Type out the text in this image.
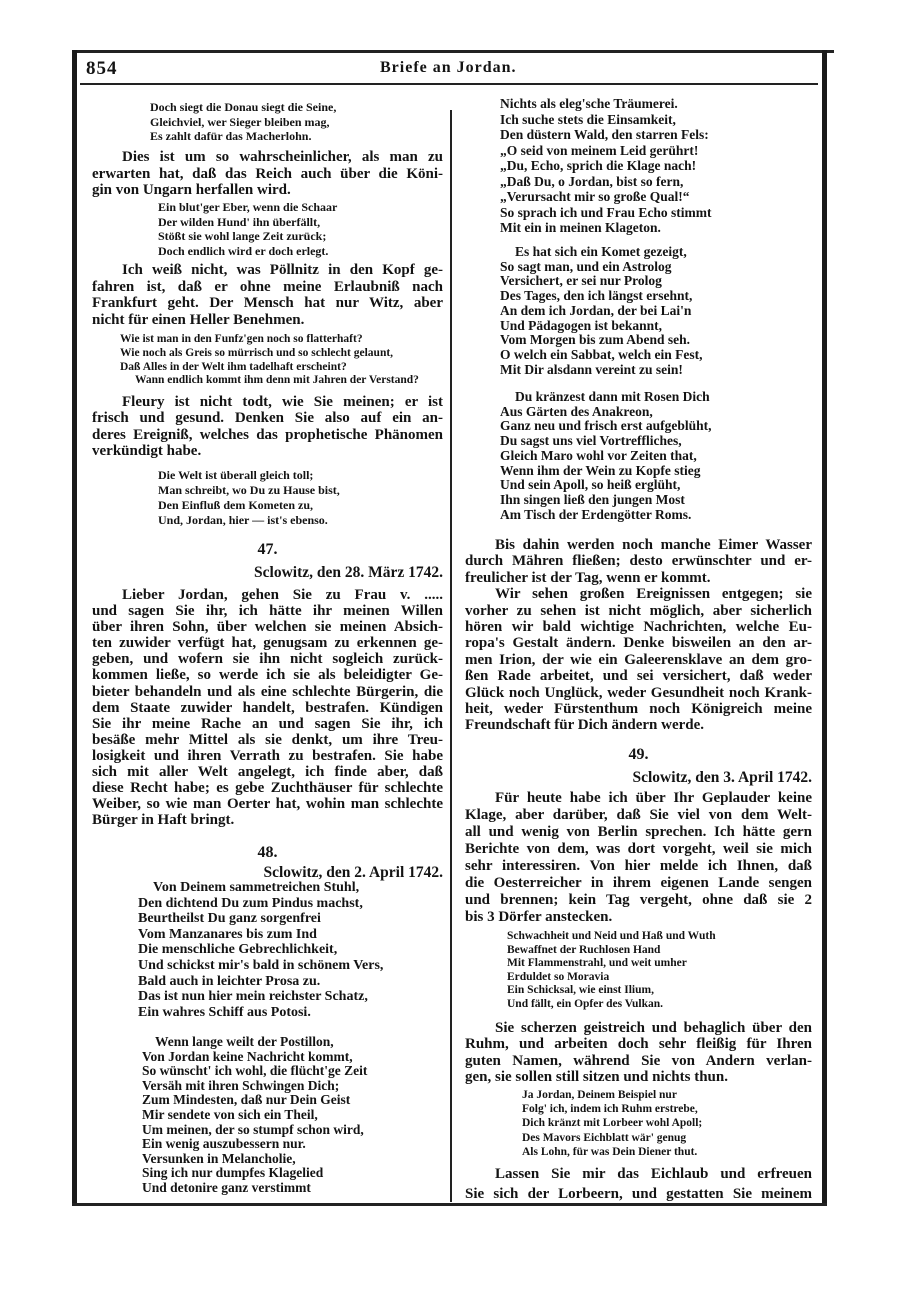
854	Briefe an Jordan.
Doch siegt die Donau siegt die Seine,
Gleichviel, wer Sieger bleiben mag,
Es zahlt dafür das Macherlohn.
Dies ist um so wahrscheinlicher, als man zu
erwarten hat, daß das Reich auch über die Köni-
gin von Ungarn herfallen wird.
Ein blut'ger Eber, wenn die Schaar
Der wilden Hund' ihn überfällt,
Stößt sie wohl lange Zeit zurück;
Doch endlich wird er doch erlegt.
Ich weiß nicht, was Pöllnitz in den Kopf ge-
fahren ist, daß er ohne meine Erlaubniß nach
Frankfurt geht. Der Mensch hat nur Witz, aber
nicht für einen Heller Benehmen.
Wie ist man in den Funfz'gen noch so flatterhaft?
Wie noch als Greis so mürrisch und so schlecht gelaunt,
Daß Alles in der Welt ihm tadelhaft erscheint?
Wann endlich kommt ihm denn mit Jahren der Verstand?
Fleury ist nicht todt, wie Sie meinen; er ist
frisch und gesund. Denken Sie also auf ein an-
deres Ereigniß, welches das prophetische Phänomen
verkündigt habe.
Die Welt ist überall gleich toll;
Man schreibt, wo Du zu Hause bist,
Den Einfluß dem Kometen zu,
Und, Jordan, hier — ist's ebenso.
47.
Sclowitz, den 28. März 1742.
Lieber Jordan, gehen Sie zu Frau v. .....
und sagen Sie ihr, ich hätte ihr meinen Willen
über ihren Sohn, über welchen sie meinen Absich-
ten zuwider verfügt hat, genugsam zu erkennen ge-
geben, und wofern sie ihn nicht sogleich zurück-
kommen ließe, so werde ich sie als beleidigter Ge-
bieter behandeln und als eine schlechte Bürgerin, die
dem Staate zuwider handelt, bestrafen. Kündigen
Sie ihr meine Rache an und sagen Sie ihr, ich
besäße mehr Mittel als sie denkt, um ihre Treu-
losigkeit und ihren Verrath zu bestrafen. Sie habe
sich mit aller Welt angelegt, ich finde aber, daß
diese Recht habe; es gebe Zuchthäuser für schlechte
Weiber, so wie man Oerter hat, wohin man schlechte
Bürger in Haft bringt.
48.
Sclowitz, den 2. April 1742.
Von Deinem sammetreichen Stuhl,
Den dichtend Du zum Pindus machst,
Beurtheilst Du ganz sorgenfrei
Vom Manzanares bis zum Ind
Die menschliche Gebrechlichkeit,
Und schickst mir's bald in schönem Vers,
Bald auch in leichter Prosa zu.
Das ist nun hier mein reichster Schatz,
Ein wahres Schiff aus Potosi.
Wenn lange weilt der Postillon,
Von Jordan keine Nachricht kommt,
So wünscht' ich wohl, die flücht'ge Zeit
Versäh mit ihren Schwingen Dich;
Zum Mindesten, daß nur Dein Geist
Mir sendete von sich ein Theil,
Um meinen, der so stumpf schon wird,
Ein wenig auszubessern nur.
Versunken in Melancholie,
Sing ich nur dumpfes Klagelied
Und detonire ganz verstimmt
Nichts als eleg'sche Träumerei.
Ich suche stets die Einsamkeit,
Den düstern Wald, den starren Fels:
„O seid von meinem Leid gerührt!
„Du, Echo, sprich die Klage nach!
„Daß Du, o Jordan, bist so fern,
„Verursacht mir so große Qual!“
So sprach ich und Frau Echo stimmt
Mit ein in meinen Klageton.
Es hat sich ein Komet gezeigt,
So sagt man, und ein Astrolog
Versichert, er sei nur Prolog
Des Tages, den ich längst ersehnt,
An dem ich Jordan, der bei Lai'n
Und Pädagogen ist bekannt,
Vom Morgen bis zum Abend seh.
O welch ein Sabbat, welch ein Fest,
Mit Dir alsdann vereint zu sein!
Du kränzest dann mit Rosen Dich
Aus Gärten des Anakreon,
Ganz neu und frisch erst aufgeblüht,
Du sagst uns viel Vortreffliches,
Gleich Maro wohl vor Zeiten that,
Wenn ihm der Wein zu Kopfe stieg
Und sein Apoll, so heiß erglüht,
Ihn singen ließ den jungen Most
Am Tisch der Erdengötter Roms.
Bis dahin werden noch manche Eimer Wasser
durch Mähren fließen; desto erwünschter und er-
freulicher ist der Tag, wenn er kommt.
Wir sehen großen Ereignissen entgegen; sie
vorher zu sehen ist nicht möglich, aber sicherlich
hören wir bald wichtige Nachrichten, welche Eu-
ropa's Gestalt ändern. Denke bisweilen an den ar-
men Irion, der wie ein Galeerensklave an dem gro-
ßen Rade arbeitet, und sei versichert, daß weder
Glück noch Unglück, weder Gesundheit noch Krank-
heit, weder Fürstenthum noch Königreich meine
Freundschaft für Dich ändern werde.
49.
Sclowitz, den 3. April 1742.
Für heute habe ich über Ihr Geplauder keine
Klage, aber darüber, daß Sie viel von dem Welt-
all und wenig von Berlin sprechen. Ich hätte gern
Berichte von dem, was dort vorgeht, weil sie mich
sehr interessiren. Von hier melde ich Ihnen, daß
die Oesterreicher in ihrem eigenen Lande sengen
und brennen; kein Tag vergeht, ohne daß sie 2
bis 3 Dörfer anstecken.
Schwachheit und Neid und Haß und Wuth
Bewaffnet der Ruchlosen Hand
Mit Flammenstrahl, und weit umher
Erduldet so Moravia
Ein Schicksal, wie einst Ilium,
Und fällt, ein Opfer des Vulkan.
Sie scherzen geistreich und behaglich über den
Ruhm, und arbeiten doch sehr fleißig für Ihren
guten Namen, während Sie von Andern verlan-
gen, sie sollen still sitzen und nichts thun.
Ja Jordan, Deinem Beispiel nur
Folg' ich, indem ich Ruhm erstrebe,
Dich kränzt mit Lorbeer wohl Apoll;
Des Mavors Eichblatt wär' genug
Als Lohn, für was Dein Diener thut.
Lassen Sie mir das Eichlaub und erfreuen
Sie sich der Lorbeern, und gestatten Sie meinem
